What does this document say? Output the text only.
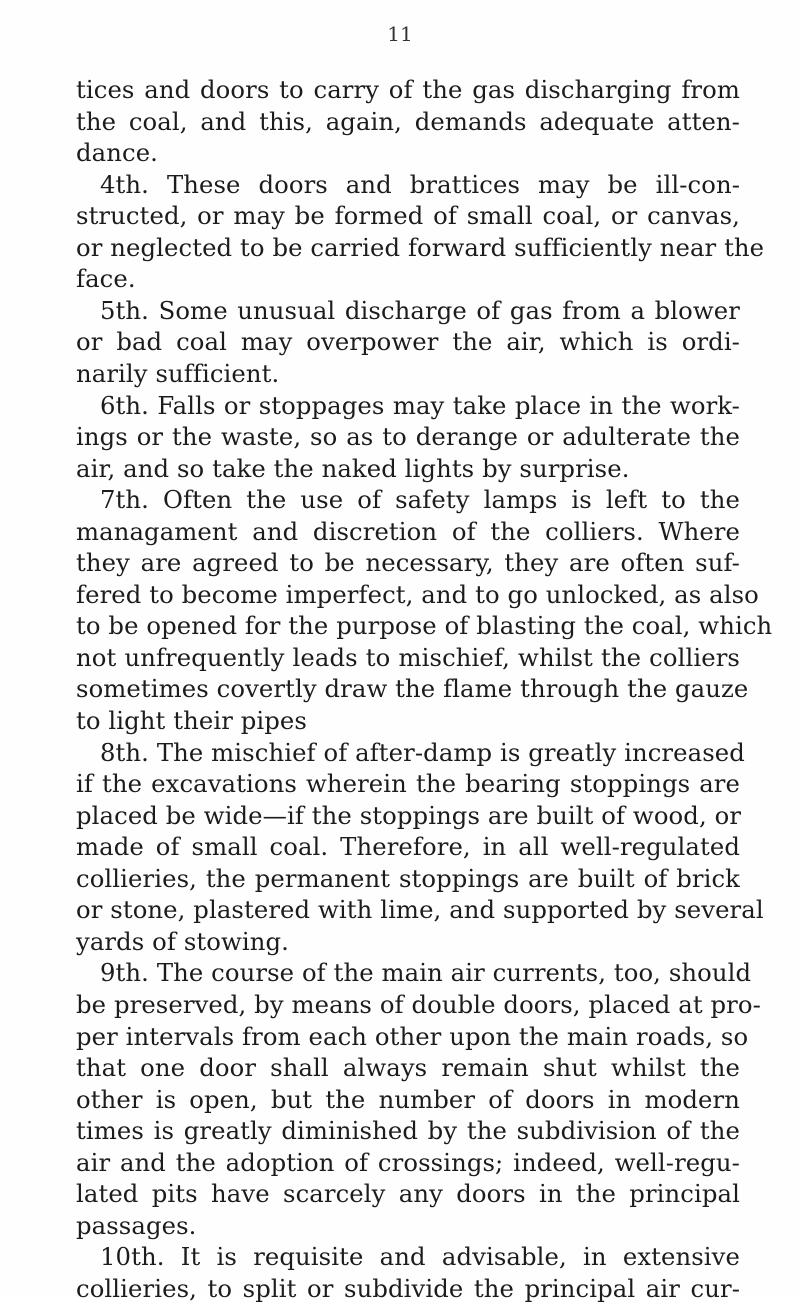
11
tices and doors to carry of the gas discharging from
the coal, and this, again, demands adequate atten-
dance.
4th. These doors and brattices may be ill-con-
structed, or may be formed of small coal, or canvas,
or neglected to be carried forward sufficiently near the
face.
5th. Some unusual discharge of gas from a blower
or bad coal may overpower the air, which is ordi-
narily sufficient.
6th. Falls or stoppages may take place in the work-
ings or the waste, so as to derange or adulterate the
air, and so take the naked lights by surprise.
7th. Often the use of safety lamps is left to the
managament and discretion of the colliers. Where
they are agreed to be necessary, they are often suf-
fered to become imperfect, and to go unlocked, as also
to be opened for the purpose of blasting the coal, which
not unfrequently leads to mischief, whilst the colliers
sometimes covertly draw the flame through the gauze
to light their pipes
8th. The mischief of after-damp is greatly increased
if the excavations wherein the bearing stoppings are
placed be wide—if the stoppings are built of wood, or
made of small coal. Therefore, in all well-regulated
collieries, the permanent stoppings are built of brick
or stone, plastered with lime, and supported by several
yards of stowing.
9th. The course of the main air currents, too, should
be preserved, by means of double doors, placed at pro-
per intervals from each other upon the main roads, so
that one door shall always remain shut whilst the
other is open, but the number of doors in modern
times is greatly diminished by the subdivision of the
air and the adoption of crossings; indeed, well-regu-
lated pits have scarcely any doors in the principal
passages.
10th. It is requisite and advisable, in extensive
collieries, to split or subdivide the principal air cur-
